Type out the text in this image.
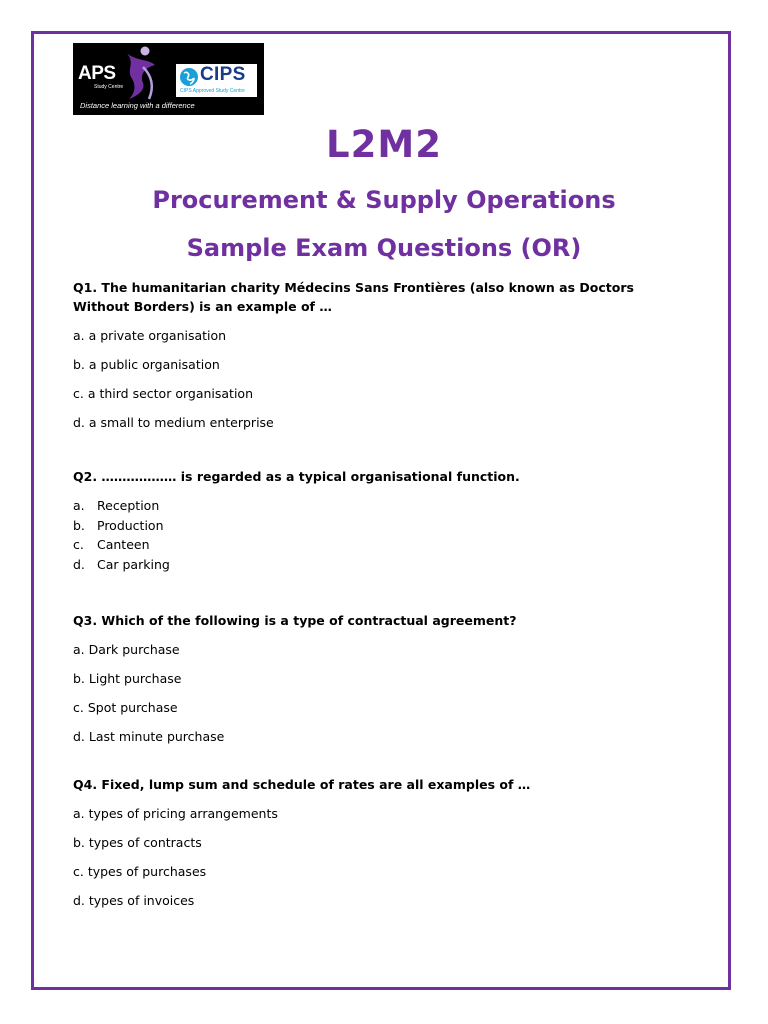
APS
Study Centre
CIPS
CIPS Approved Study Centre
Distance learning with a difference
L2M2
Procurement & Supply Operations
Sample Exam Questions (OR)

Q1. The humanitarian charity Médecins Sans Frontières (also known as Doctors Without Borders) is an example of …

a. a private organisation

b. a public organisation

c. a third sector organisation

d. a small to medium enterprise

Q2. ……………… is regarded as a typical organisational function.

a. Reception
b. Production
c. Canteen
d. Car parking

Q3. Which of the following is a type of contractual agreement?

a. Dark purchase

b. Light purchase

c. Spot purchase

d. Last minute purchase

Q4. Fixed, lump sum and schedule of rates are all examples of …

a. types of pricing arrangements

b. types of contracts

c. types of purchases

d. types of invoices
